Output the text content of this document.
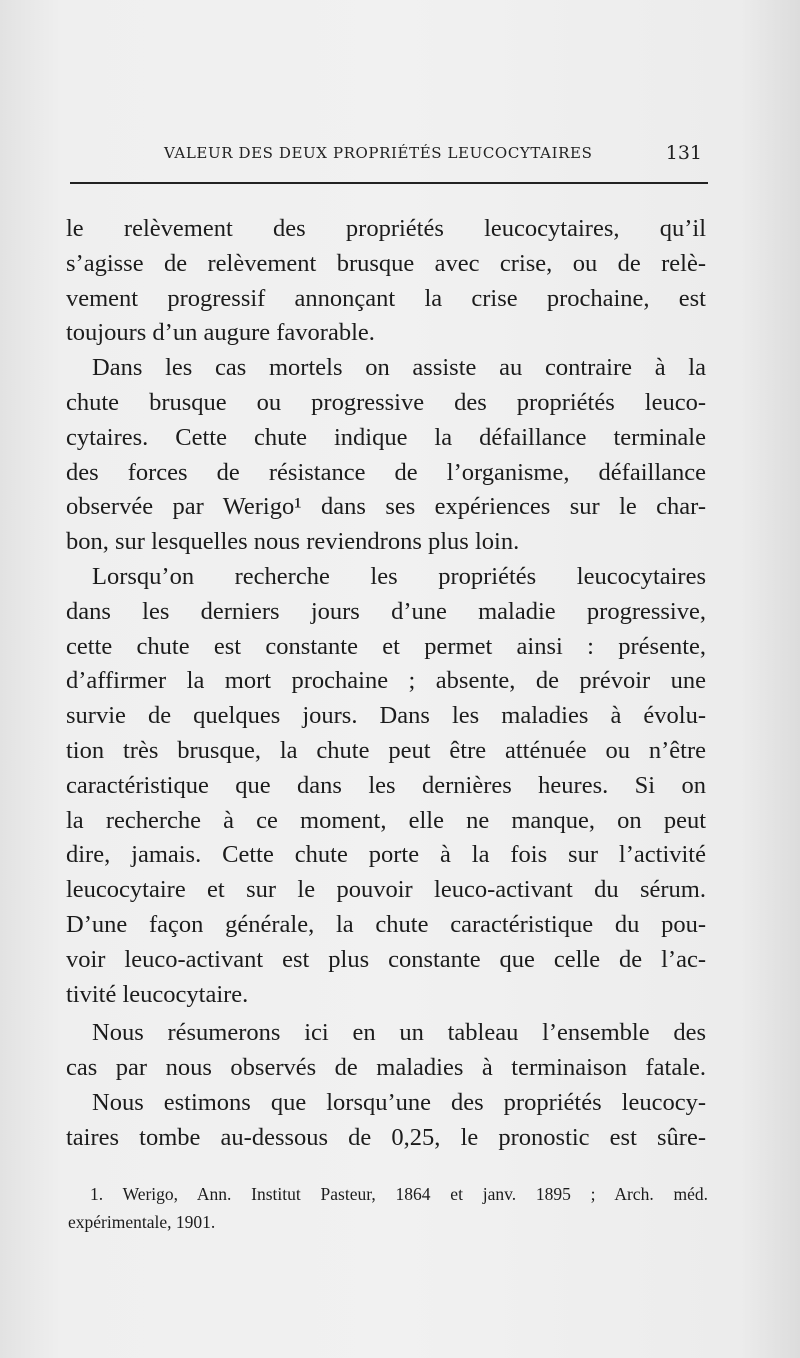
VALEUR DES DEUX PROPRIÉTÉS LEUCOCYTAIRES	131
le relèvement des propriétés leucocytaires, qu’il
s’agisse de relèvement brusque avec crise, ou de relè-
vement progressif annonçant la crise prochaine, est
toujours d’un augure favorable.
Dans les cas mortels on assiste au contraire à la
chute brusque ou progressive des propriétés leuco-
cytaires. Cette chute indique la défaillance terminale
des forces de résistance de l’organisme, défaillance
observée par Werigo¹ dans ses expériences sur le char-
bon, sur lesquelles nous reviendrons plus loin.
Lorsqu’on recherche les propriétés leucocytaires
dans les derniers jours d’une maladie progressive,
cette chute est constante et permet ainsi : présente,
d’affirmer la mort prochaine ; absente, de prévoir une
survie de quelques jours. Dans les maladies à évolu-
tion très brusque, la chute peut être atténuée ou n’être
caractéristique que dans les dernières heures. Si on
la recherche à ce moment, elle ne manque, on peut
dire, jamais. Cette chute porte à la fois sur l’activité
leucocytaire et sur le pouvoir leuco-activant du sérum.
D’une façon générale, la chute caractéristique du pou-
voir leuco-activant est plus constante que celle de l’ac-
tivité leucocytaire.
Nous résumerons ici en un tableau l’ensemble des
cas par nous observés de maladies à terminaison fatale.
Nous estimons que lorsqu’une des propriétés leucocy-
taires tombe au-dessous de 0,25, le pronostic est sûre-
1. Werigo, Ann. Institut Pasteur, 1864 et janv. 1895 ; Arch. méd.
expérimentale, 1901.
